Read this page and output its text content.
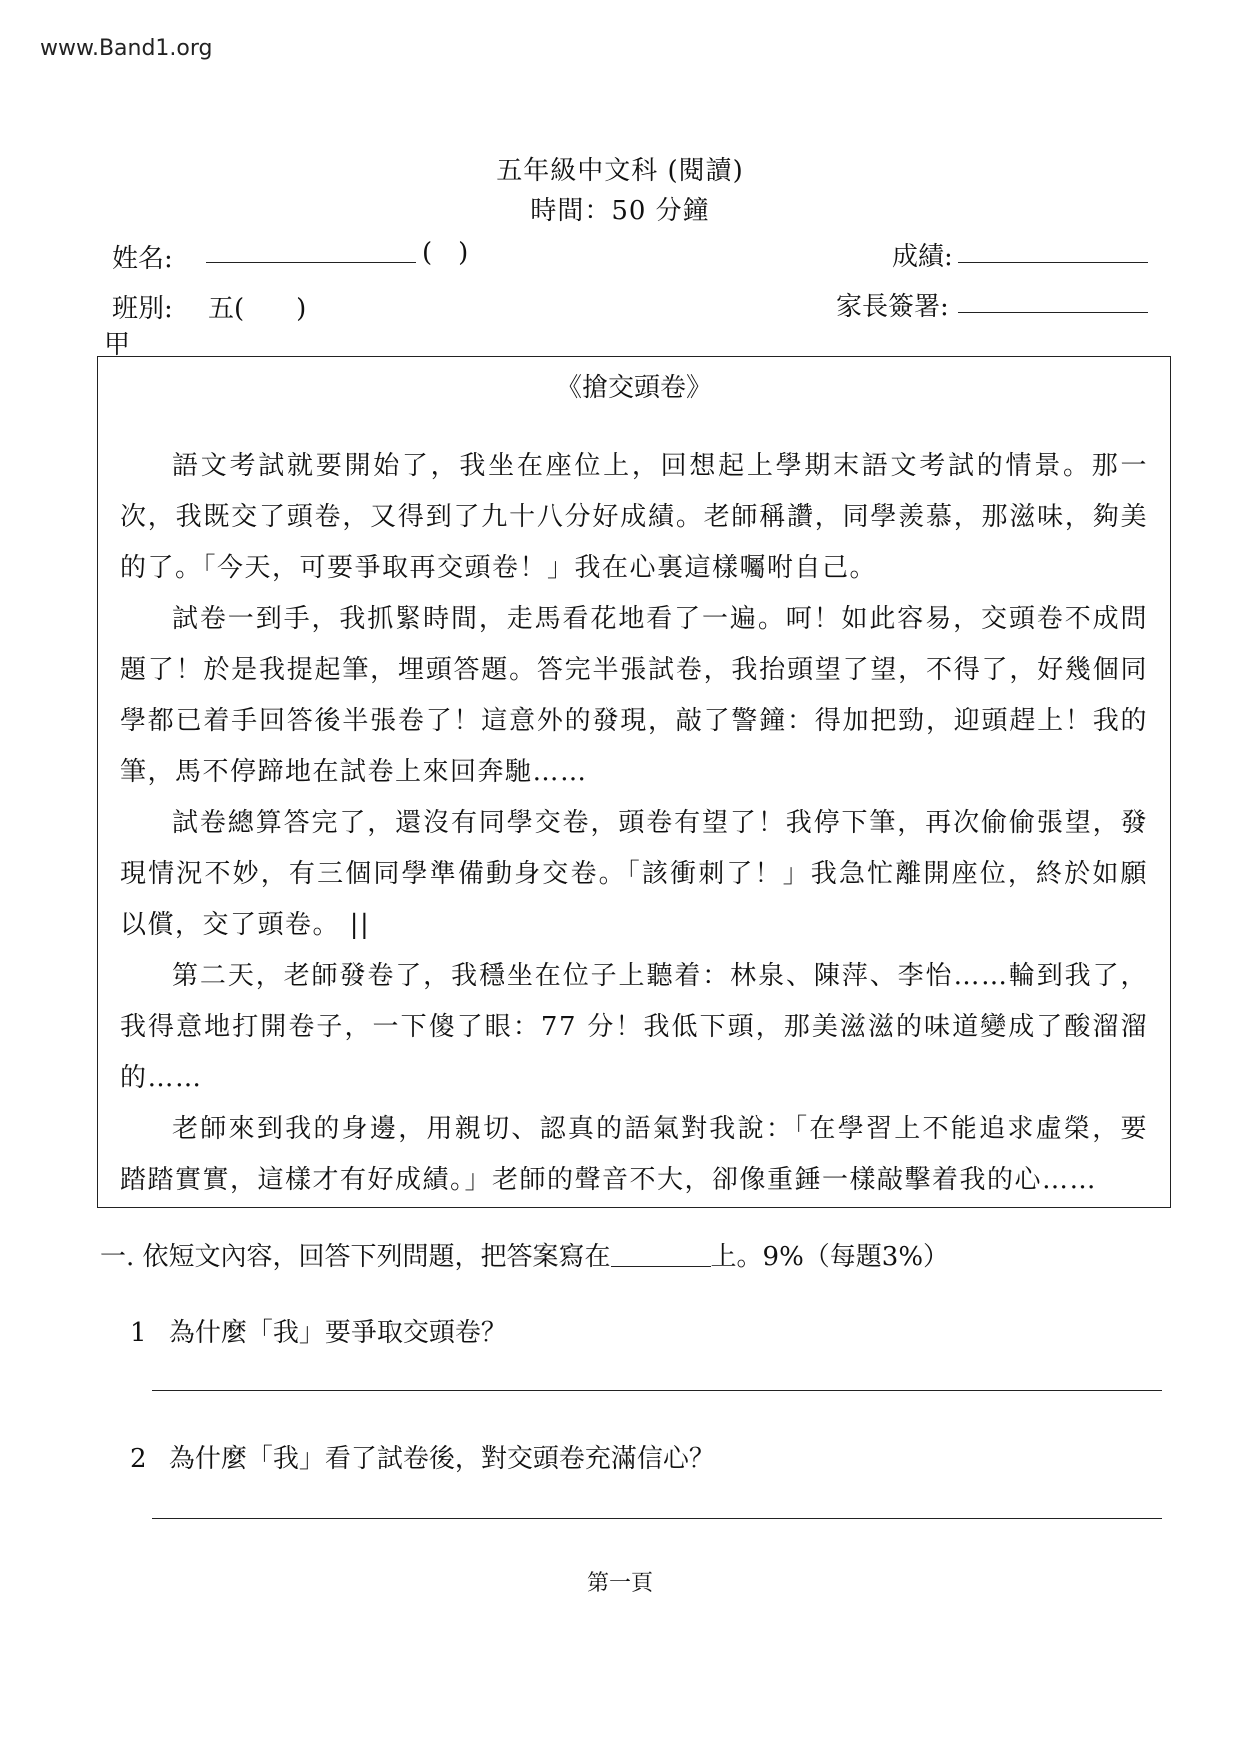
www.Band1.org
五年級中文科 (閱讀)
時間：50 分鐘
姓名:	(　)	成績:
班別: 五(　　)
甲
家長簽署:
《搶交頭卷》

語文考試就要開始了，我坐在座位上，回想起上學期末語文考試的情景。那一次，我既交了頭卷，又得到了九十八分好成績。老師稱讚，同學羨慕，那滋味，夠美的了。「今天，可要爭取再交頭卷！」我在心裏這樣囑咐自己。

試卷一到手，我抓緊時間，走馬看花地看了一遍。呵！如此容易，交頭卷不成問題了！於是我提起筆，埋頭答題。答完半張試卷，我抬頭望了望，不得了，好幾個同學都已着手回答後半張卷了！這意外的發現，敲了警鐘：得加把勁，迎頭趕上！我的筆，馬不停蹄地在試卷上來回奔馳……

試卷總算答完了，還沒有同學交卷，頭卷有望了！我停下筆，再次偷偷張望，發現情況不妙，有三個同學準備動身交卷。「該衝刺了！」我急忙離開座位，終於如願以償，交了頭卷。 ||

第二天，老師發卷了，我穩坐在位子上聽着：林泉、陳萍、李怡……輪到我了，我得意地打開卷子，一下傻了眼：77 分！我低下頭，那美滋滋的味道變成了酸溜溜的……

老師來到我的身邊，用親切、認真的語氣對我說：「在學習上不能追求虛榮，要踏踏實實，這樣才有好成績。」老師的聲音不大，卻像重錘一樣敲擊着我的心……

一. 依短文內容，回答下列問題，把答案寫在	上。9%（每題3%）
1 為什麼「我」要爭取交頭卷？
2 為什麼「我」看了試卷後，對交頭卷充滿信心？
第一頁
